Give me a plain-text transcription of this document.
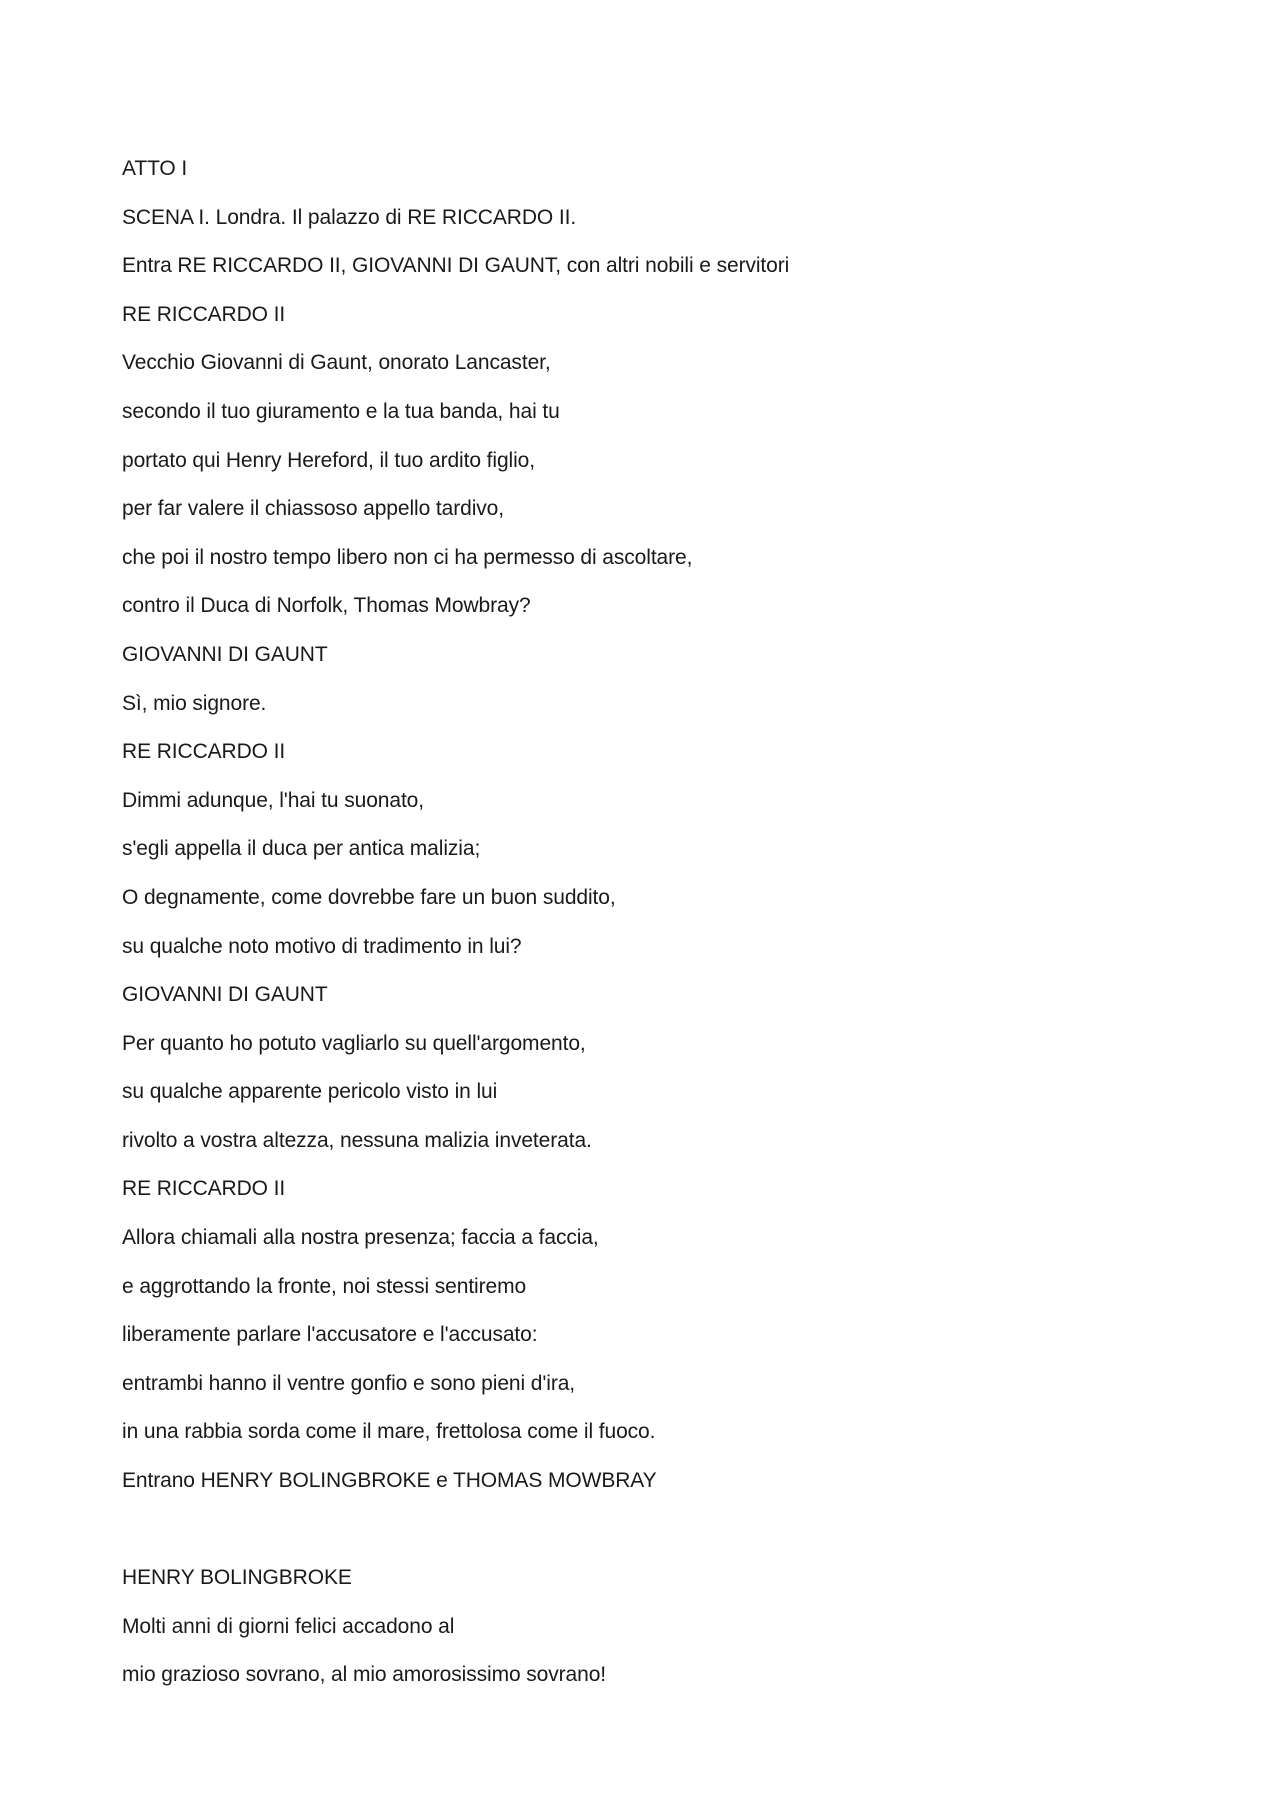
ATTO I
SCENA I. Londra. Il palazzo di RE RICCARDO II.
Entra RE RICCARDO II, GIOVANNI DI GAUNT, con altri nobili e servitori
RE RICCARDO II
Vecchio Giovanni di Gaunt, onorato Lancaster,
secondo il tuo giuramento e la tua banda, hai tu
portato qui Henry Hereford, il tuo ardito figlio,
per far valere il chiassoso appello tardivo,
che poi il nostro tempo libero non ci ha permesso di ascoltare,
contro il Duca di Norfolk, Thomas Mowbray?
GIOVANNI DI GAUNT
Sì, mio signore.
RE RICCARDO II
Dimmi adunque, l'hai tu suonato,
s'egli appella il duca per antica malizia;
O degnamente, come dovrebbe fare un buon suddito,
su qualche noto motivo di tradimento in lui?
GIOVANNI DI GAUNT
Per quanto ho potuto vagliarlo su quell'argomento,
su qualche apparente pericolo visto in lui
rivolto a vostra altezza, nessuna malizia inveterata.
RE RICCARDO II
Allora chiamali alla nostra presenza; faccia a faccia,
e aggrottando la fronte, noi stessi sentiremo
liberamente parlare l'accusatore e l'accusato:
entrambi hanno il ventre gonfio e sono pieni d'ira,
in una rabbia sorda come il mare, frettolosa come il fuoco.
Entrano HENRY BOLINGBROKE e THOMAS MOWBRAY
HENRY BOLINGBROKE
Molti anni di giorni felici accadono al
mio grazioso sovrano, al mio amorosissimo sovrano!
